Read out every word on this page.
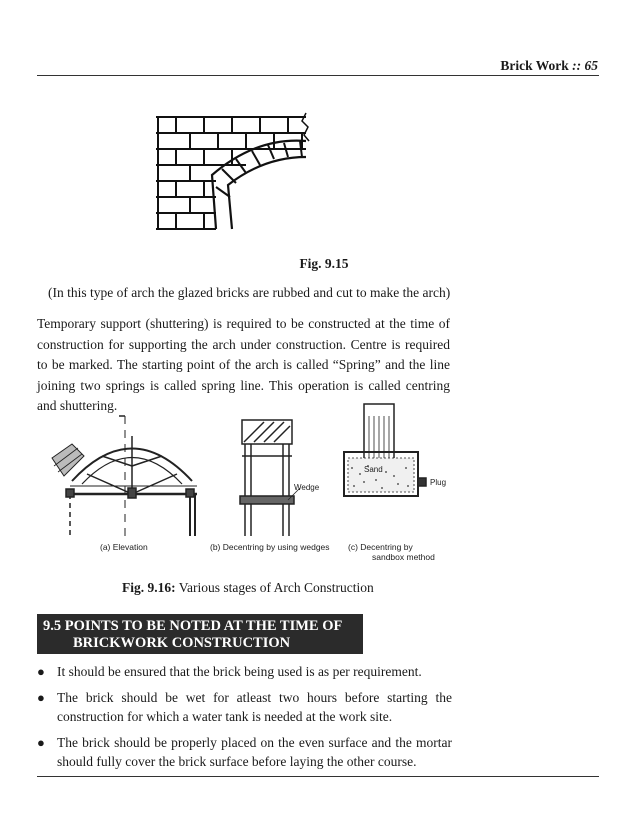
Brick Work :: 65
Fig. 9.15
(In this type of arch the glazed bricks are rubbed and cut to make the arch)
Temporary support (shuttering) is required to be constructed at the time of construction for supporting the arch under construction. Centre is required to be marked. The starting point of the arch is called “Spring” and the line joining two springs is called spring line. This operation is called centring and shuttering.
(a) Elevation
Wedge
(b) Decentring by using wedges
Sand
Plug
(c) Decentring by
sandbox method
Fig. 9.16: Various stages of Arch Construction
9.5 POINTS TO BE NOTED AT THE TIME OF
BRICKWORK CONSTRUCTION
● It should be ensured that the brick being used is as per requirement.
● The brick should be wet for atleast two hours before starting the construction for which a water tank is needed at the work site.
● The brick should be properly placed on the even surface and the mortar should fully cover the brick surface before laying the other course.
